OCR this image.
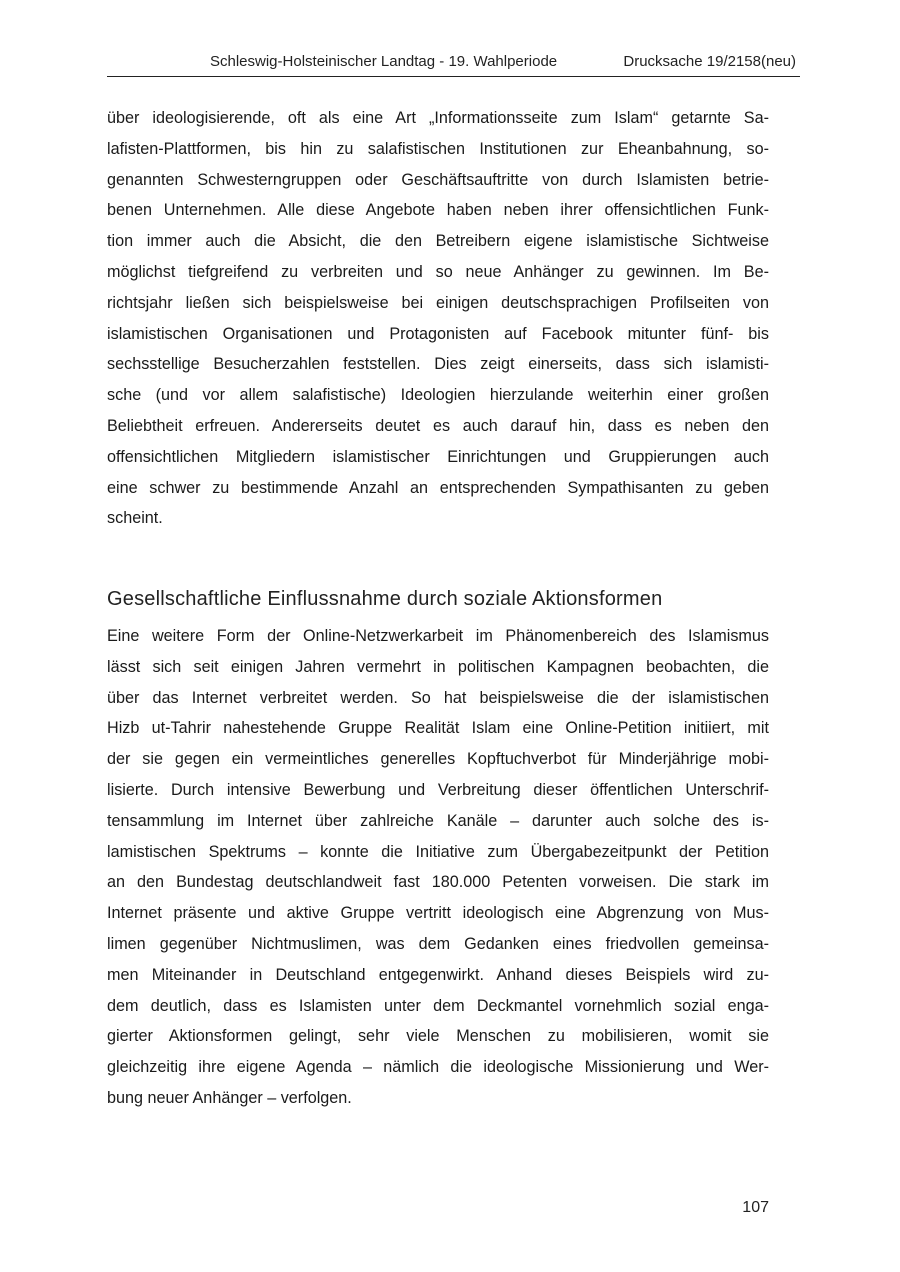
Schleswig-Holsteinischer Landtag - 19. Wahlperiode	Drucksache 19/2158(neu)
über ideologisierende, oft als eine Art „Informationsseite zum Islam“ getarnte Sa-
lafisten-Plattformen, bis hin zu salafistischen Institutionen zur Eheanbahnung, so-
genannten Schwesterngruppen oder Geschäftsauftritte von durch Islamisten betrie-
benen Unternehmen. Alle diese Angebote haben neben ihrer offensichtlichen Funk-
tion immer auch die Absicht, die den Betreibern eigene islamistische Sichtweise
möglichst tiefgreifend zu verbreiten und so neue Anhänger zu gewinnen. Im Be-
richtsjahr ließen sich beispielsweise bei einigen deutschsprachigen Profilseiten von
islamistischen Organisationen und Protagonisten auf Facebook mitunter fünf- bis
sechsstellige Besucherzahlen feststellen. Dies zeigt einerseits, dass sich islamisti-
sche (und vor allem salafistische) Ideologien hierzulande weiterhin einer großen
Beliebtheit erfreuen. Andererseits deutet es auch darauf hin, dass es neben den
offensichtlichen Mitgliedern islamistischer Einrichtungen und Gruppierungen auch
eine schwer zu bestimmende Anzahl an entsprechenden Sympathisanten zu geben
scheint.
Gesellschaftliche Einflussnahme durch soziale Aktionsformen
Eine weitere Form der Online-Netzwerkarbeit im Phänomenbereich des Islamismus
lässt sich seit einigen Jahren vermehrt in politischen Kampagnen beobachten, die
über das Internet verbreitet werden. So hat beispielsweise die der islamistischen
Hizb ut-Tahrir nahestehende Gruppe Realität Islam eine Online-Petition initiiert, mit
der sie gegen ein vermeintliches generelles Kopftuchverbot für Minderjährige mobi-
lisierte. Durch intensive Bewerbung und Verbreitung dieser öffentlichen Unterschrif-
tensammlung im Internet über zahlreiche Kanäle – darunter auch solche des is-
lamistischen Spektrums – konnte die Initiative zum Übergabezeitpunkt der Petition
an den Bundestag deutschlandweit fast 180.000 Petenten vorweisen. Die stark im
Internet präsente und aktive Gruppe vertritt ideologisch eine Abgrenzung von Mus-
limen gegenüber Nichtmuslimen, was dem Gedanken eines friedvollen gemeinsa-
men Miteinander in Deutschland entgegenwirkt. Anhand dieses Beispiels wird zu-
dem deutlich, dass es Islamisten unter dem Deckmantel vornehmlich sozial enga-
gierter Aktionsformen gelingt, sehr viele Menschen zu mobilisieren, womit sie
gleichzeitig ihre eigene Agenda – nämlich die ideologische Missionierung und Wer-
bung neuer Anhänger – verfolgen.
107
